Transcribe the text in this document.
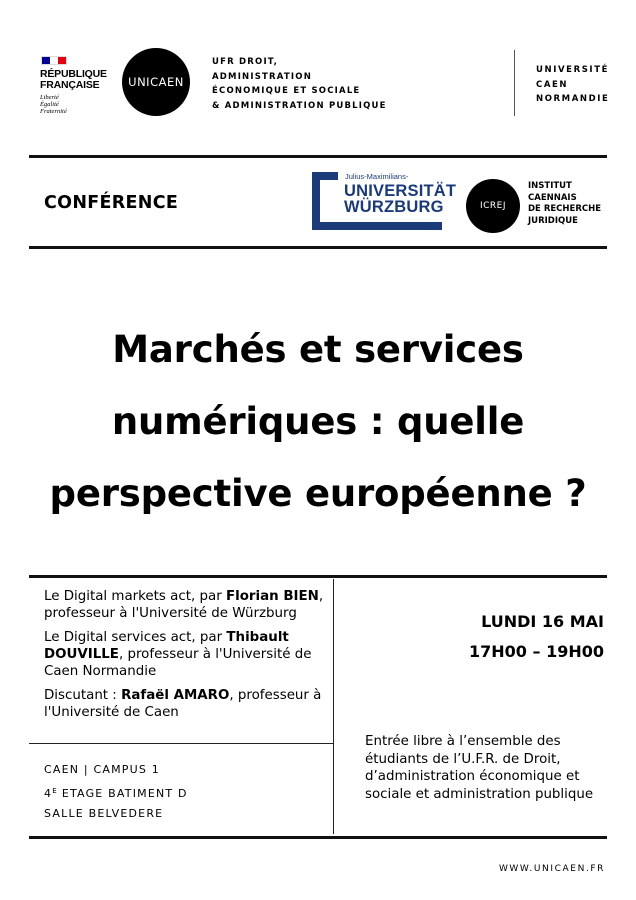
RÉPUBLIQUE
FRANÇAISE
Liberté
Égalité
Fraternité
UNICAEN
UFR DROIT,
ADMINISTRATION
ÉCONOMIQUE ET SOCIALE
& ADMINISTRATION PUBLIQUE
UNIVERSITÉ
CAEN
NORMANDIE
CONFÉRENCE
Julius-Maximilians-
UNIVERSITÄT
WÜRZBURG	ICREJ
INSTITUT
CAENNAIS
DE RECHERCHE
JURIDIQUE
Marchés et services
numériques : quelle
perspective européenne ?

Le Digital markets act, par Florian BIEN, professeur à l'Université de Würzburg

Le Digital services act, par Thibault DOUVILLE, professeur à l'Université de Caen Normandie

Discutant : Rafaël AMARO, professeur à l'Université de Caen

CAEN | CAMPUS 1
$4^E$ ETAGE BATIMENT D
SALLE BELVEDERE
LUNDI 16 MAI
17H00 – 19H00
Entrée libre à l’ensemble des étudiants de l’U.F.R. de Droit, d’administration économique et sociale et administration publique
WWW.UNICAEN.FR
